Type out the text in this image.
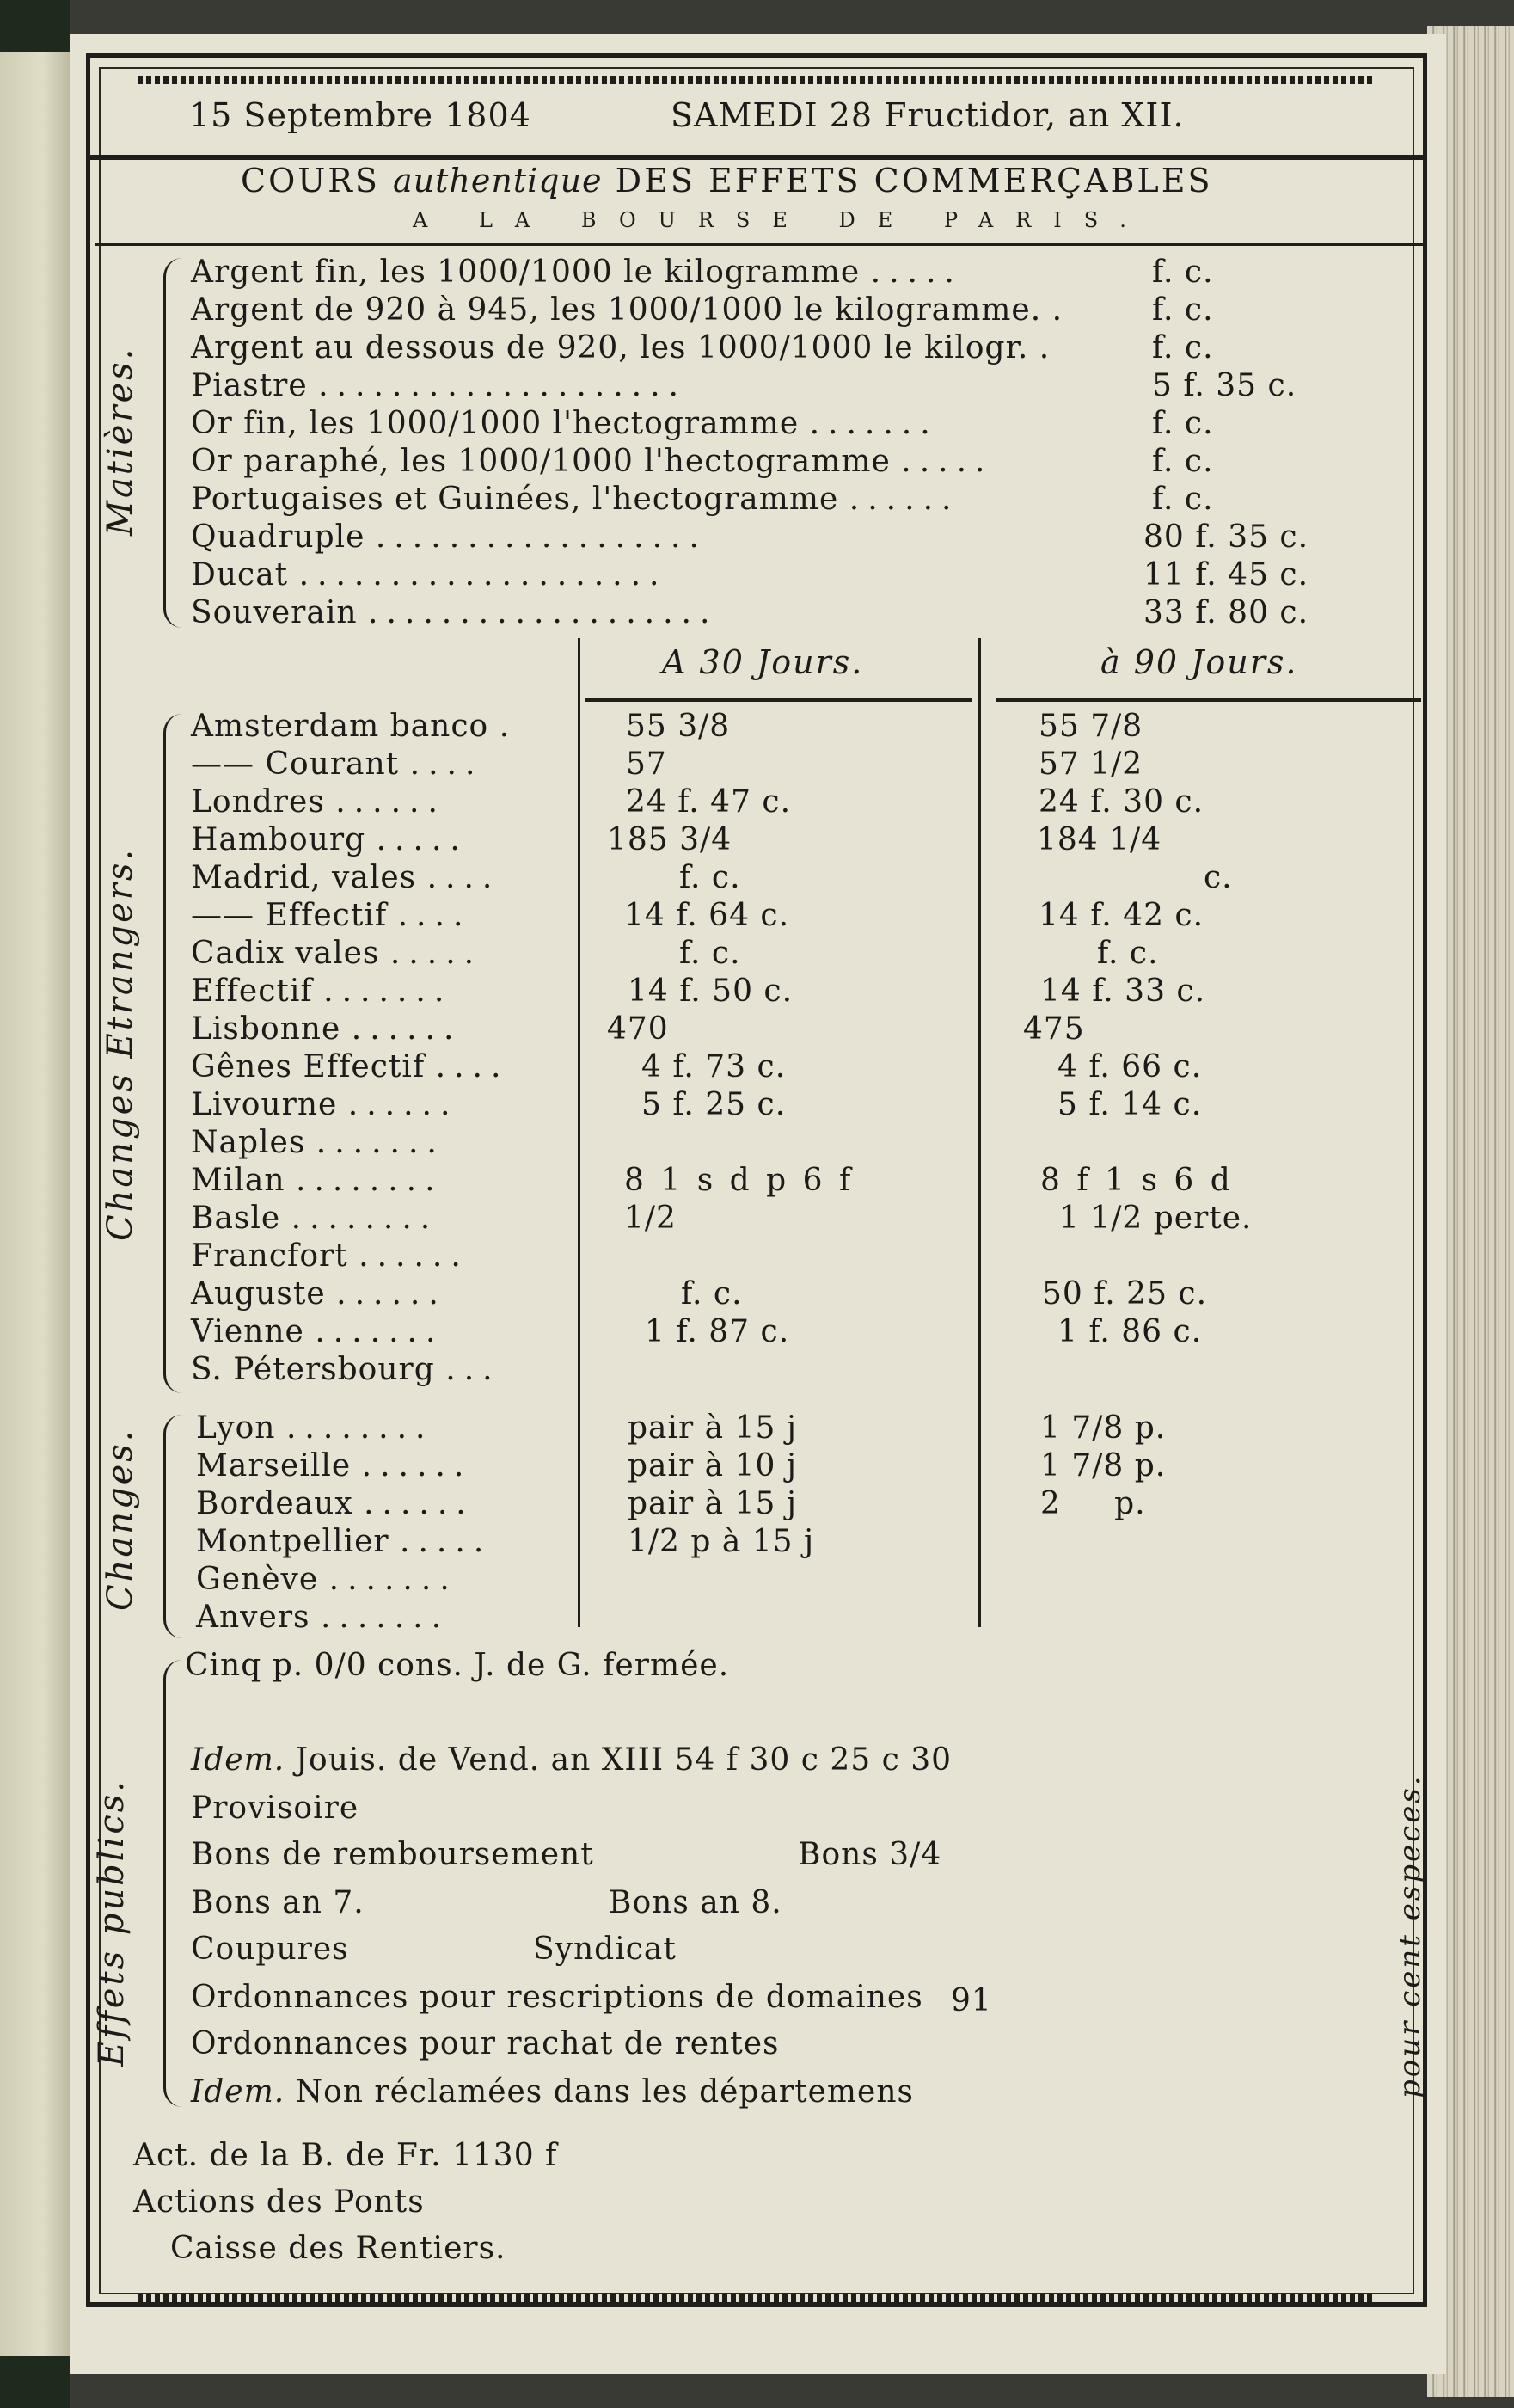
15 Septembre 1804	SAMEDI 28 Fructidor, an XII.
COURS authentique DES EFFETS COMMERÇABLES
A LA BOURSE DE PARIS.
Matières.
Argent fin, les 1000/1000 le kilogramme .....	f. c.
Argent de 920 à 945, les 1000/1000 le kilogramme. .	f. c.
Argent au dessous de 920, les 1000/1000 le kilogr. .	f. c.
Piastre ....................	5 f. 35 c.
Or fin, les 1000/1000 l'hectogramme .......	f. c.
Or paraphé, les 1000/1000 l'hectogramme .....	f. c.
Portugaises et Guinées, l'hectogramme ......	f. c.
Quadruple ..................	80 f. 35 c.
Ducat ....................	11 f. 45 c.
Souverain ...................	33 f. 80 c.
A 30 Jours.	à 90 Jours.
Changes Etrangers.
Amsterdam banco .	55 3/8	55 7/8
—— Courant ....	57	57 1/2
Londres ......	24 f. 47 c.	24 f. 30 c.
Hambourg .....	185 3/4	184 1/4
Madrid, vales ....	f. c.	c.
—— Effectif ....	14 f. 64 c.	14 f. 42 c.
Cadix vales .....	f. c.	f. c.
Effectif .......	14 f. 50 c.	14 f. 33 c.
Lisbonne ......	470	475
Gênes Effectif ....	4 f. 73 c.	4 f. 66 c.
Livourne ......	5 f. 25 c.	5 f. 14 c.
Naples .......
Milan ........	8 1 s d p 6 f	8 f 1 s 6 d
Basle ........	1/2	1 1/2 perte.
Francfort ......
Auguste ......	f. c.	50 f. 25 c.
Vienne .......	1 f. 87 c.	1 f. 86 c.
S. Pétersbourg ...
Changes. Lyon ........	pair à 15 j	1 7/8 p.
Marseille ......	pair à 10 j	1 7/8 p.
Bordeaux ......	pair à 15 j	2     p.
Montpellier .....	1/2 p à 15 j
Genève .......
Anvers .......
Effets publics.	pour cent especes.
Cinq p. 0/0 cons. J. de G. fermée.
Idem. Jouis. de Vend. an XIII 54 f 30 c 25 c 30
Provisoire
Bons de remboursement	Bons 3/4
Bons an 7.	Bons an 8.
Coupures	Syndicat
Ordonnances pour rescriptions de domaines 91
Ordonnances pour rachat de rentes
Idem. Non réclamées dans les départemens
Act. de la B. de Fr. 1130 f
Actions des Ponts
Caisse des Rentiers.
